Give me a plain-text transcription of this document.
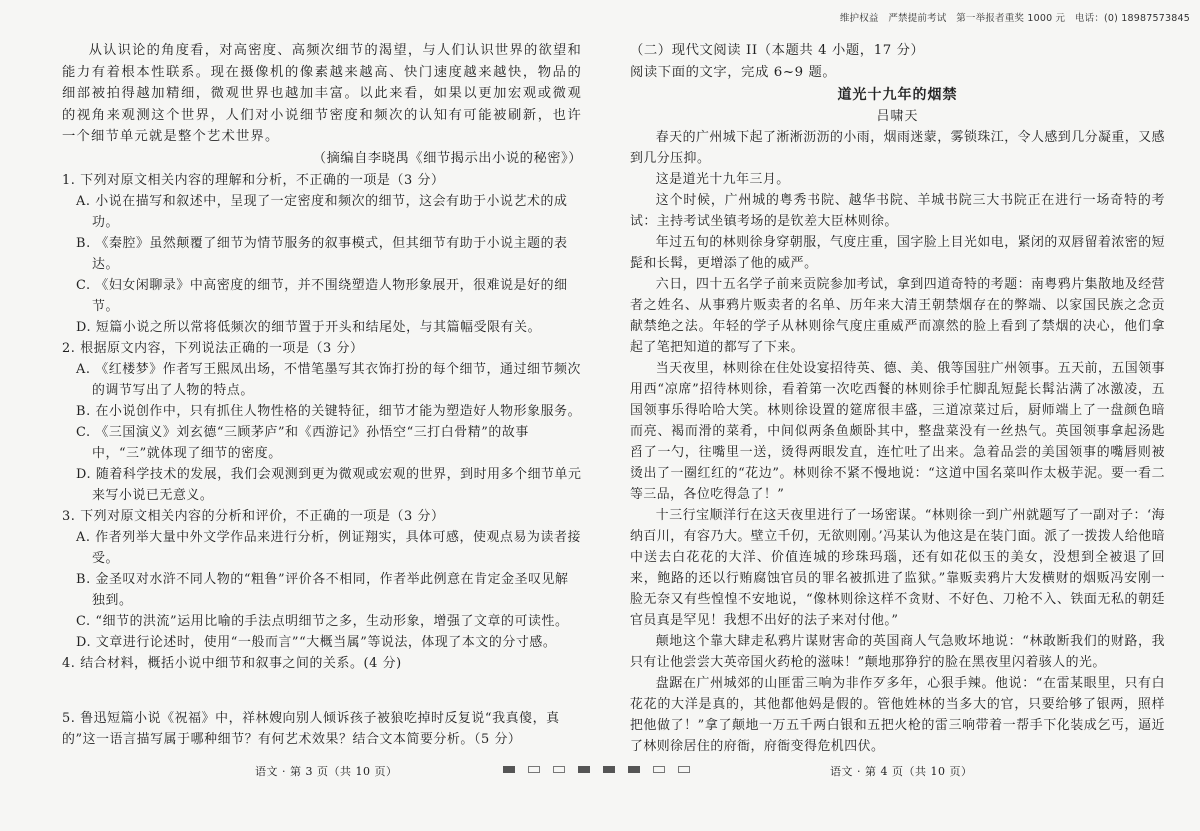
维护权益　严禁提前考试　第一举报者重奖 1000 元　电话：(0) 18987573845

从认识论的角度看，对高密度、高频次细节的渴望，与人们认识世界的欲望和能力有着根本性联系。现在摄像机的像素越来越高、快门速度越来越快，物品的细部被拍得越加精细，微观世界也越加丰富。以此来看，如果以更加宏观或微观的视角来观测这个世界，人们对小说细节密度和频次的认知有可能被刷新，也许一个细节单元就是整个艺术世界。

（摘编自李晓禺《细节揭示出小说的秘密》）

1. 下列对原文相关内容的理解和分析，不正确的一项是（3 分）

A. 小说在描写和叙述中，呈现了一定密度和频次的细节，这会有助于小说艺术的成功。

B. 《秦腔》虽然颠覆了细节为情节服务的叙事模式，但其细节有助于小说主题的表达。

C. 《妇女闲聊录》中高密度的细节，并不围绕塑造人物形象展开，很难说是好的细节。

D. 短篇小说之所以常将低频次的细节置于开头和结尾处，与其篇幅受限有关。

2. 根据原文内容，下列说法正确的一项是（3 分）

A. 《红楼梦》作者写王熙凤出场，不惜笔墨写其衣饰打扮的每个细节，通过细节频次的调节写出了人物的特点。

B. 在小说创作中，只有抓住人物性格的关键特征，细节才能为塑造好人物形象服务。

C. 《三国演义》刘玄德“三顾茅庐”和《西游记》孙悟空“三打白骨精”的故事中，“三”就体现了细节的密度。

D. 随着科学技术的发展，我们会观测到更为微观或宏观的世界，到时用多个细节单元来写小说已无意义。

3. 下列对原文相关内容的分析和评价，不正确的一项是（3 分）

A. 作者列举大量中外文学作品来进行分析，例证翔实，具体可感，使观点易为读者接受。

B. 金圣叹对水浒不同人物的“粗鲁”评价各不相同，作者举此例意在肯定金圣叹见解独到。

C. “细节的洪流”运用比喻的手法点明细节之多，生动形象，增强了文章的可读性。

D. 文章进行论述时，使用“一般而言”“大概当属”等说法，体现了本文的分寸感。

4. 结合材料，概括小说中细节和叙事之间的关系。(4 分)

5. 鲁迅短篇小说《祝福》中，祥林嫂向别人倾诉孩子被狼吃掉时反复说“我真傻，真的”这一语言描写属于哪种细节？有何艺术效果？结合文本简要分析。（5 分）

语文 · 第 3 页（共 10 页）

（二）现代文阅读 II（本题共 4 小题，17 分）

阅读下面的文字，完成 6~9 题。

道光十九年的烟禁

吕啸天

春天的广州城下起了淅淅沥沥的小雨，烟雨迷蒙，雾锁珠江，令人感到几分凝重，又感到几分压抑。

这是道光十九年三月。

这个时候，广州城的粤秀书院、越华书院、羊城书院三大书院正在进行一场奇特的考试：主持考试坐镇考场的是钦差大臣林则徐。

年过五旬的林则徐身穿朝服，气度庄重，国字脸上目光如电，紧闭的双唇留着浓密的短髭和长髯，更增添了他的威严。

六日，四十五名学子前来贡院参加考试，拿到四道奇特的考题：南粤鸦片集散地及经营者之姓名、从事鸦片贩卖者的名单、历年来大清王朝禁烟存在的弊端、以家国民族之念贡献禁绝之法。年轻的学子从林则徐气度庄重威严而凛然的脸上看到了禁烟的决心，他们拿起了笔把知道的都写了下来。

当天夜里，林则徐在住处设宴招待英、德、美、俄等国驻广州领事。五天前，五国领事用西“凉席”招待林则徐，看着第一次吃西餐的林则徐手忙脚乱短髭长髯沾满了冰激凌，五国领事乐得哈哈大笑。林则徐设置的筵席很丰盛，三道凉菜过后，厨师端上了一盘颜色暗而亮、褐而滑的菜肴，中间似两条鱼颇卧其中，整盘菜没有一丝热气。英国领事拿起汤匙舀了一勺，往嘴里一送，烫得两眼发直，连忙吐了出来。急着品尝的美国领事的嘴唇则被烫出了一圈红红的“花边”。林则徐不紧不慢地说：“这道中国名菜叫作太极芋泥。要一看二等三品，各位吃得急了！”

十三行宝顺洋行在这天夜里进行了一场密谋。“林则徐一到广州就题写了一副对子：‘海纳百川，有容乃大。壁立千仞，无欲则刚。’冯某认为他这是在装门面。派了一拨拨人给他暗中送去白花花的大洋、价值连城的珍珠玛瑙，还有如花似玉的美女，没想到全被退了回来，鲍路的还以行贿腐蚀官员的罪名被抓进了监狱。”靠贩卖鸦片大发横财的烟贩冯安刚一脸无奈又有些惶惶不安地说，“像林则徐这样不贪财、不好色、刀枪不入、铁面无私的朝廷官员真是罕见！我想不出好的法子来对付他。”

颠地这个靠大肆走私鸦片谋财害命的英国商人气急败坏地说：“林敢断我们的财路，我只有让他尝尝大英帝国火药枪的滋味！”颠地那狰狞的脸在黑夜里闪着骇人的光。

盘踞在广州城郊的山匪雷三响为非作歹多年，心狠手辣。他说：“在雷某眼里，只有白花花的大洋是真的，其他都他妈是假的。管他姓林的当多大的官，只要给够了银两，照样把他做了！”拿了颠地一万五千两白银和五把火枪的雷三响带着一帮手下化装成乞丐，逼近了林则徐居住的府衙，府衙变得危机四伏。

语文 · 第 4 页（共 10 页）
